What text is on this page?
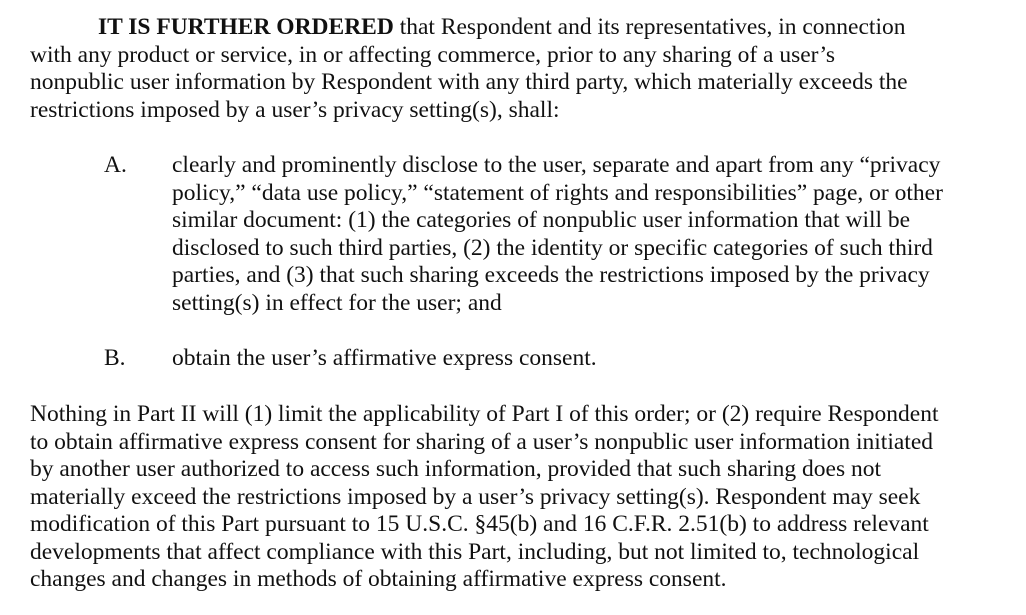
IT IS FURTHER ORDERED that Respondent and its representatives, in connection
with any product or service, in or affecting commerce, prior to any sharing of a user’s
nonpublic user information by Respondent with any third party, which materially exceeds the
restrictions imposed by a user’s privacy setting(s), shall:

A. clearly and prominently disclose to the user, separate and apart from any “privacy
policy,” “data use policy,” “statement of rights and responsibilities” page, or other
similar document: (1) the categories of nonpublic user information that will be
disclosed to such third parties, (2) the identity or specific categories of such third
parties, and (3) that such sharing exceeds the restrictions imposed by the privacy
setting(s) in effect for the user; and
B. obtain the user’s affirmative express consent.

Nothing in Part II will (1) limit the applicability of Part I of this order; or (2) require Respondent
to obtain affirmative express consent for sharing of a user’s nonpublic user information initiated
by another user authorized to access such information, provided that such sharing does not
materially exceed the restrictions imposed by a user’s privacy setting(s). Respondent may seek
modification of this Part pursuant to 15 U.S.C. §45(b) and 16 C.F.R. 2.51(b) to address relevant
developments that affect compliance with this Part, including, but not limited to, technological
changes and changes in methods of obtaining affirmative express consent.
